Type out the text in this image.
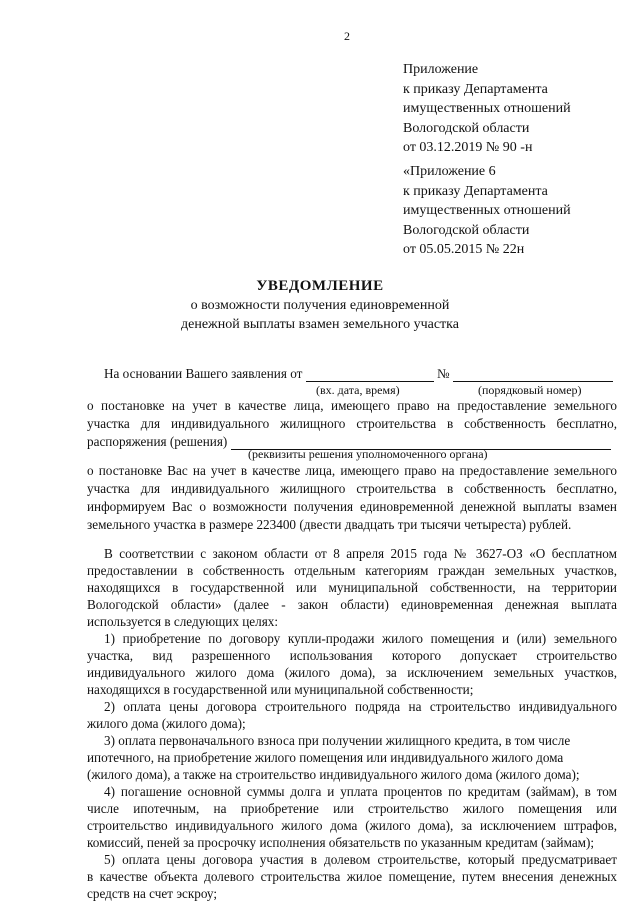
2
Приложение
к приказу Департамента
имущественных отношений
Вологодской области
от 03.12.2019 № 90 -н
«Приложение 6
к приказу Департамента
имущественных отношений
Вологодской области
от 05.05.2015 № 22н
УВЕДОМЛЕНИЕ
о возможности получения единовременной
денежной выплаты взамен земельного участка
На основании Вашего заявления от	№
(вх. дата, время)	(порядковый номер)
о постановке на учет в качестве лица, имеющего право на предоставление земельного
участка для индивидуального жилищного строительства в собственность бесплатно,
распоряжения (решения)
(реквизиты решения уполномоченного органа)
о постановке Вас на учет в качестве лица, имеющего право на предоставление земельного
участка для индивидуального жилищного строительства в собственность бесплатно,
информируем Вас о возможности получения единовременной денежной выплаты взамен
земельного участка в размере 223400 (двести двадцать три тысячи четыреста) рублей.
В соответствии с законом области от 8 апреля 2015 года № 3627-ОЗ «О бесплатном
предоставлении в собственность отдельным категориям граждан земельных участков,
находящихся в государственной или муниципальной собственности, на территории
Вологодской области» (далее - закон области) единовременная денежная выплата
используется в следующих целях:
1) приобретение по договору купли-продажи жилого помещения и (или) земельного
участка, вид разрешенного использования которого допускает строительство
индивидуального жилого дома (жилого дома), за исключением земельных участков,
находящихся в государственной или муниципальной собственности;
2) оплата цены договора строительного подряда на строительство индивидуального
жилого дома (жилого дома);
3) оплата первоначального взноса при получении жилищного кредита, в том числе
ипотечного, на приобретение жилого помещения или индивидуального жилого дома
(жилого дома), а также на строительство индивидуального жилого дома (жилого дома);
4) погашение основной суммы долга и уплата процентов по кредитам (займам), в том
числе ипотечным, на приобретение или строительство жилого помещения или
строительство индивидуального жилого дома (жилого дома), за исключением штрафов,
комиссий, пеней за просрочку исполнения обязательств по указанным кредитам (займам);
5) оплата цены договора участия в долевом строительстве, который предусматривает
в качестве объекта долевого строительства жилое помещение, путем внесения денежных
средств на счет эскроу;
